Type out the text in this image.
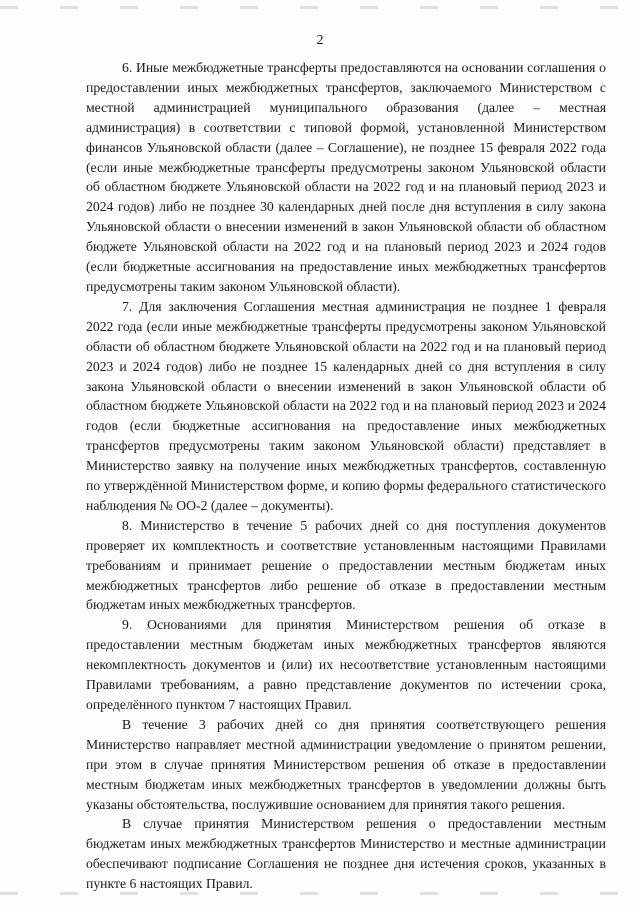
2

6. Иные межбюджетные трансферты предоставляются на основании соглашения о предоставлении иных межбюджетных трансфертов, заключаемого Министерством с местной администрацией муниципального образования (далее – местная администрация) в соответствии с типовой формой, установленной Министерством финансов Ульяновской области (далее – Соглашение), не позднее 15 февраля 2022 года (если иные межбюджетные трансферты предусмотрены законом Ульяновской области об областном бюджете Ульяновской области на 2022 год и на плановый период 2023 и 2024 годов) либо не позднее 30 календарных дней после дня вступления в силу закона Ульяновской области о внесении изменений в закон Ульяновской области об областном бюджете Ульяновской области на 2022 год и на плановый период 2023 и 2024 годов (если бюджетные ассигнования на предоставление иных межбюджетных трансфертов предусмотрены таким законом Ульяновской области).

7. Для заключения Соглашения местная администрация не позднее 1 февраля 2022 года (если иные межбюджетные трансферты предусмотрены законом Ульяновской области об областном бюджете Ульяновской области на 2022 год и на плановый период 2023 и 2024 годов) либо не позднее 15 календарных дней со дня вступления в силу закона Ульяновской области о внесении изменений в закон Ульяновской области об областном бюджете Ульяновской области на 2022 год и на плановый период 2023 и 2024 годов (если бюджетные ассигнования на предоставление иных межбюджетных трансфертов предусмотрены таким законом Ульяновской области) представляет в Министерство заявку на получение иных межбюджетных трансфертов, составленную по утверждённой Министерством форме, и копию формы федерального статистического наблюдения № ОО-2 (далее – документы).

8. Министерство в течение 5 рабочих дней со дня поступления документов проверяет их комплектность и соответствие установленным настоящими Правилами требованиям и принимает решение о предоставлении местным бюджетам иных межбюджетных трансфертов либо решение об отказе в предоставлении местным бюджетам иных межбюджетных трансфертов.

9. Основаниями для принятия Министерством решения об отказе в предоставлении местным бюджетам иных межбюджетных трансфертов являются некомплектность документов и (или) их несоответствие установленным настоящими Правилами требованиям, а равно представление документов по истечении срока, определённого пунктом 7 настоящих Правил.

В течение 3 рабочих дней со дня принятия соответствующего решения Министерство направляет местной администрации уведомление о принятом решении, при этом в случае принятия Министерством решения об отказе в предоставлении местным бюджетам иных межбюджетных трансфертов в уведомлении должны быть указаны обстоятельства, послужившие основанием для принятия такого решения.

В случае принятия Министерством решения о предоставлении местным бюджетам иных межбюджетных трансфертов Министерство и местные администрации обеспечивают подписание Соглашения не позднее дня истечения сроков, указанных в пункте 6 настоящих Правил.
